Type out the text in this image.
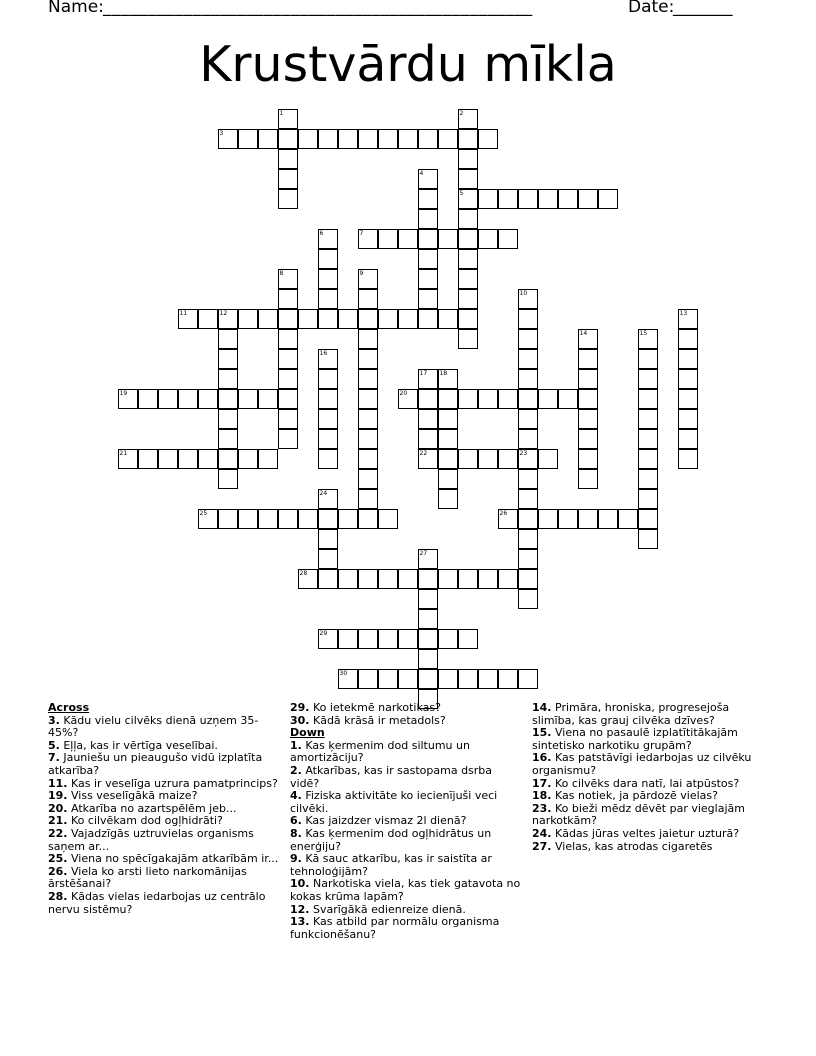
Name: ________________________________________________	Date:
_______
Krustvārdu mīkla
3
5
7
11
19	20
21	22
25	26
28
29
30
1	2
4
6
8	9
10
12	13
14	15
16
17 18
23
24
27
Across
3. Kādu vielu cilvēks dienā uzņem 35-45%?
5. Eļļa, kas ir vērtīga veselībai.
7. Jauniešu un pieaugušo vidū izplatīta atkarība?
11. Kas ir veselīga uzrura pamatprincips?
19. Viss veselīgākā maize?
20. Atkarība no azartspēlēm jeb...
21. Ko cilvēkam dod ogļhidrāti?
22. Vajadzīgās uztruvielas organisms saņem ar...
25. Viena no spēcīgakajām atkarībām ir...
26. Viela ko arsti lieto narkomānijas ārstēšanai?
28. Kādas vielas iedarbojas uz centrālo nervu sistēmu?
29. Ko ietekmē narkotikas?
30. Kādā krāsā ir metadols?
Down
1. Kas ķermenim dod siltumu un amortizāciju?
2. Atkarības, kas ir sastopama dsrba vidē?
4. Fiziska aktivitāte ko iecienījuši veci cilvēki.
6. Kas jaizdzer vismaz 2l dienā?
8. Kas ķermenim dod ogļhidrātus un enerģiju?
9. Kā sauc atkarību, kas ir saistīta ar tehnoloģijām?
10. Narkotiska viela, kas tiek gatavota no kokas krūma lapām?
12. Svarīgākā edienreize dienā.
13. Kas atbild par normālu organisma funkcionēšanu?
14. Primāra, hroniska, progresejoša slimība, kas grauj cilvēka dzīves?
15. Viena no pasaulē izplatītitākajām sintetisko narkotiku grupām?
16. Kas patstāvīgi iedarbojas uz cilvēku organismu?
17. Ko cilvēks dara natī, lai atpūstos?
18. Kas notiek, ja pārdozē vielas?
23. Ko bieži mēdz dēvēt par vieglajām narkotkām?
24. Kādas jūras veltes jaietur uzturā?
27. Vielas, kas atrodas cigaretēs
